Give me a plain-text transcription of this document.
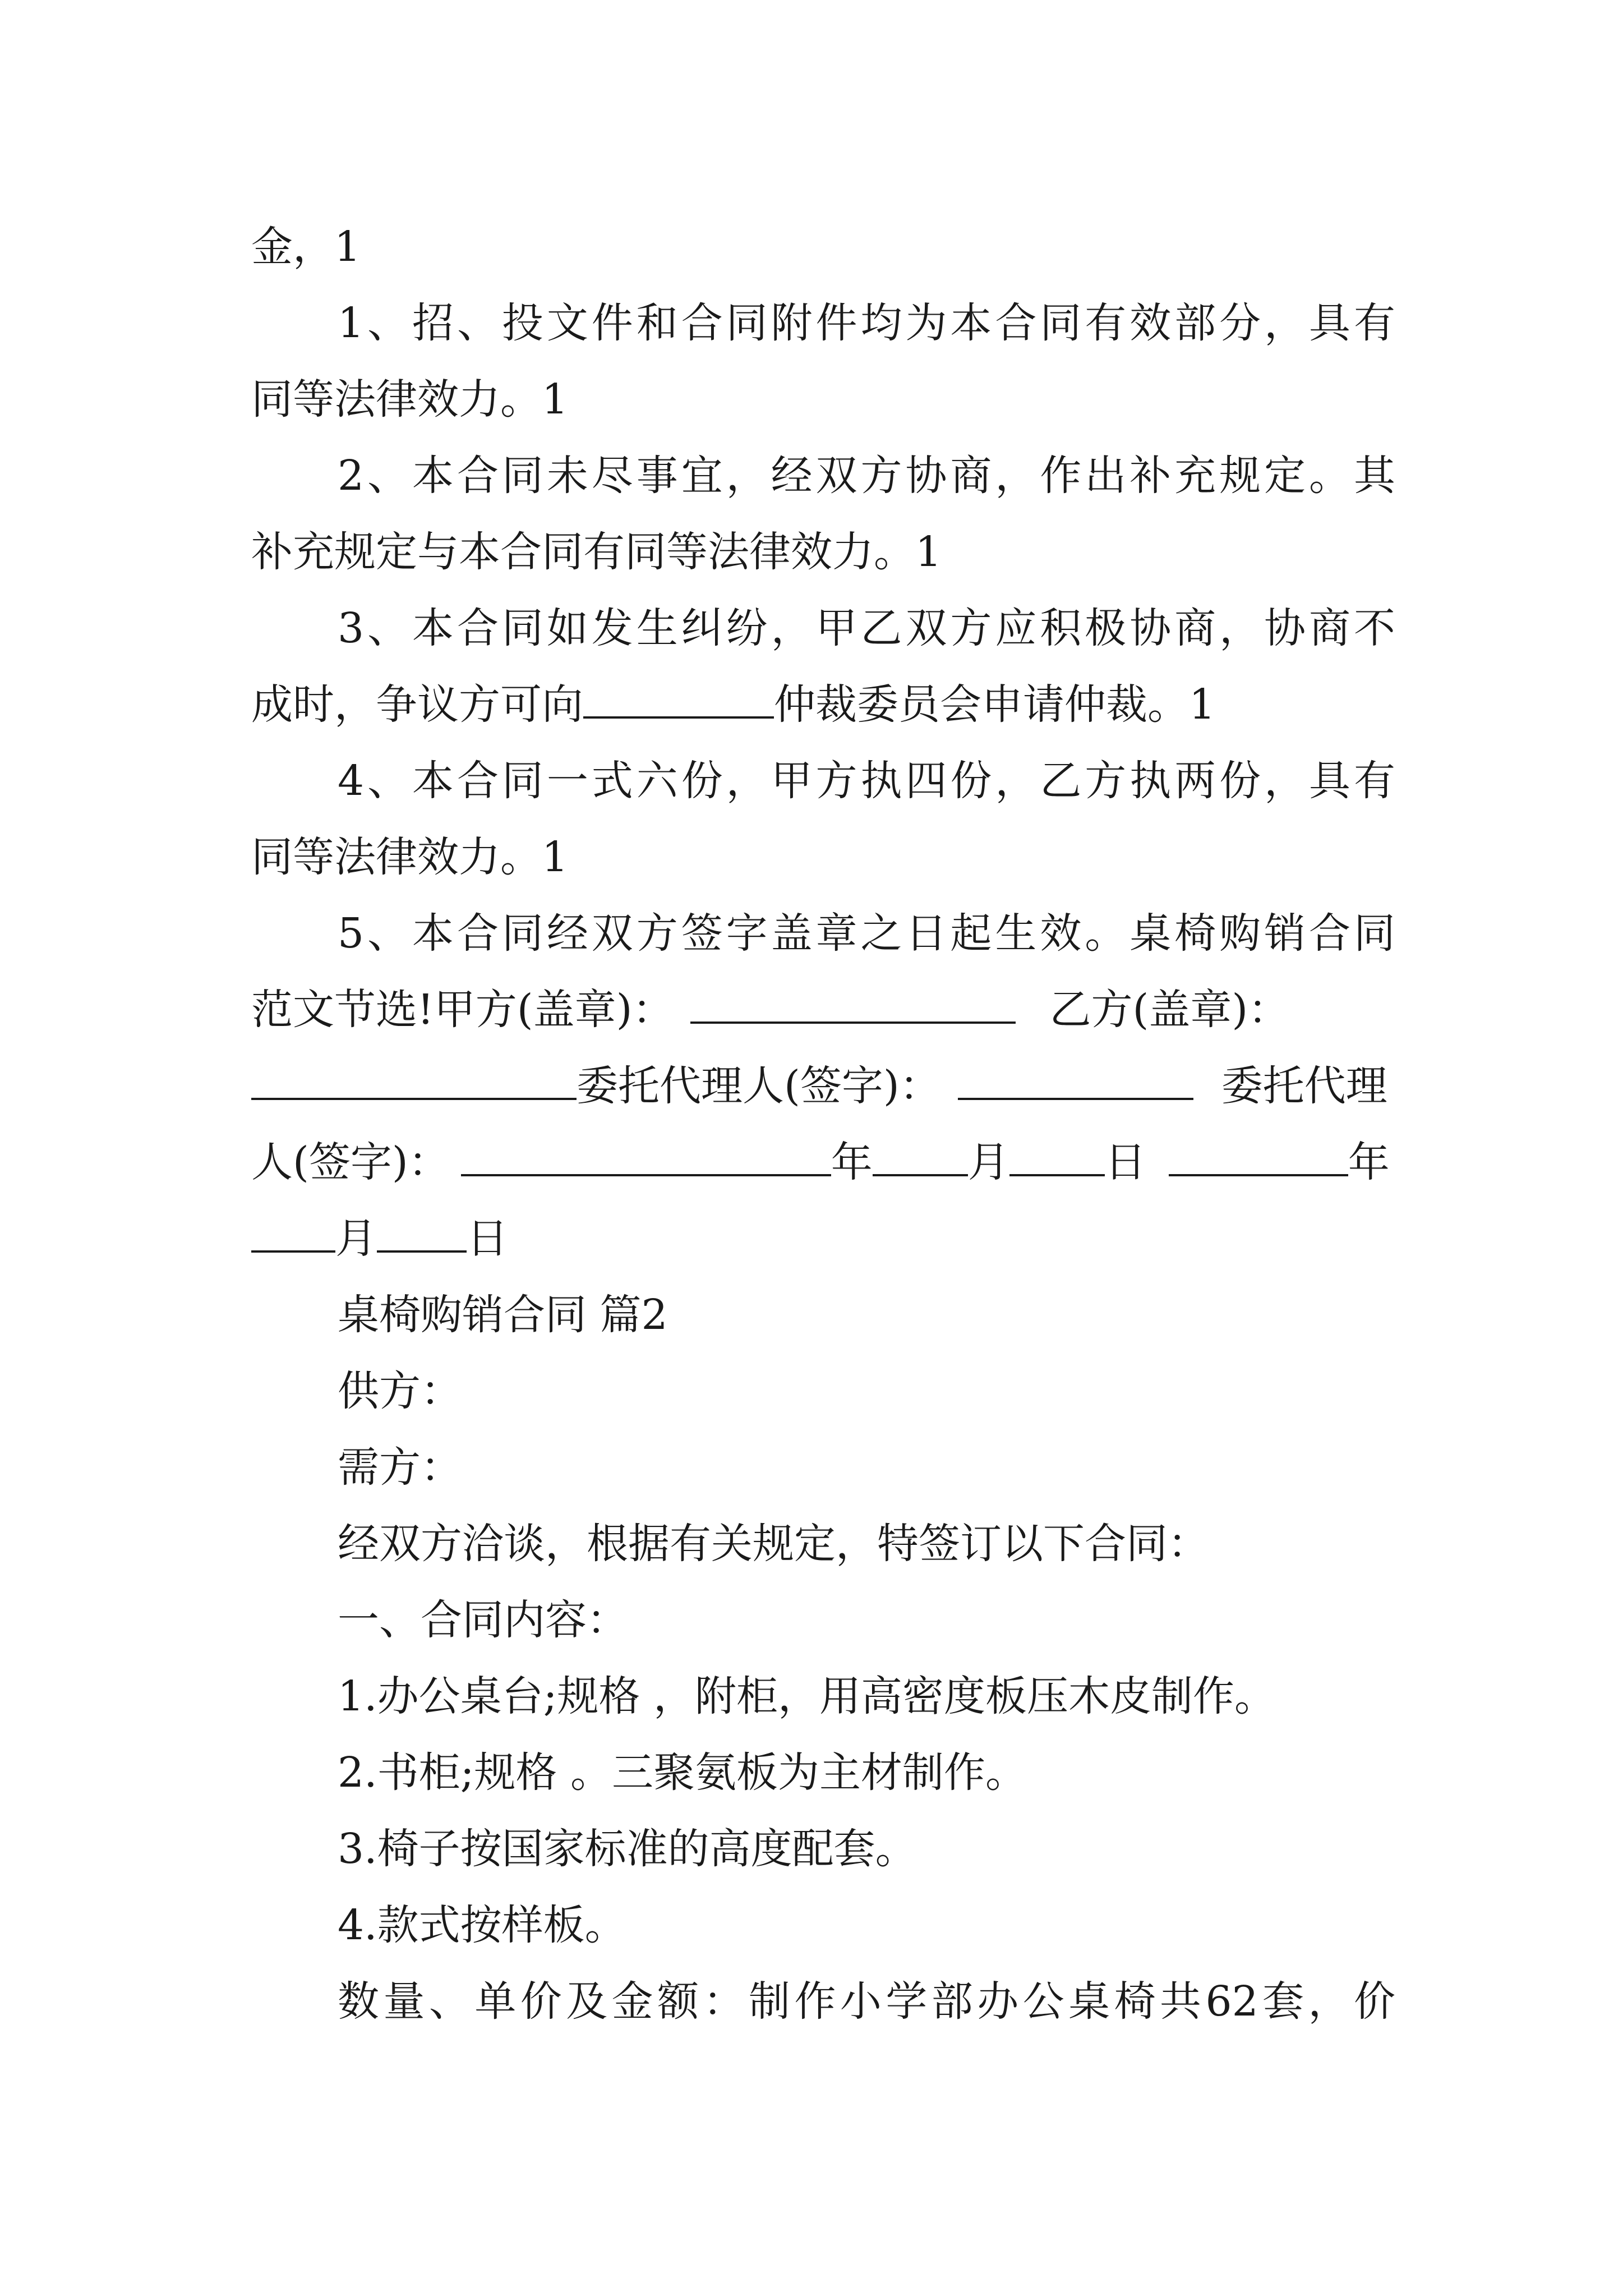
金，1
1、招、投文件和合同附件均为本合同有效部分，具有
同等法律效力。1
2、本合同未尽事宜，经双方协商，作出补充规定。其
补充规定与本合同有同等法律效力。1
3、本合同如发生纠纷，甲乙双方应积极协商，协商不
成时，争议方可向	仲裁委员会申请仲裁。1
4、本合同一式六份，甲方执四份，乙方执两份，具有
同等法律效力。1
5、本合同经双方签字盖章之日起生效。桌椅购销合同
范文节选!甲方(盖章)：	乙方(盖章)：
委托代理人(签字)：	委托代理
人(签字)：	年 月 日	年
月 日
桌椅购销合同 篇2
供方：
需方：
经双方洽谈，根据有关规定，特签订以下合同：
一、合同内容：
1.办公桌台;规格 ，附柜，用高密度板压木皮制作。
2.书柜;规格 。三聚氨板为主材制作。
3.椅子按国家标准的高度配套。
4.款式按样板。
数量、单价及金额：制作小学部办公桌椅共62套，价
